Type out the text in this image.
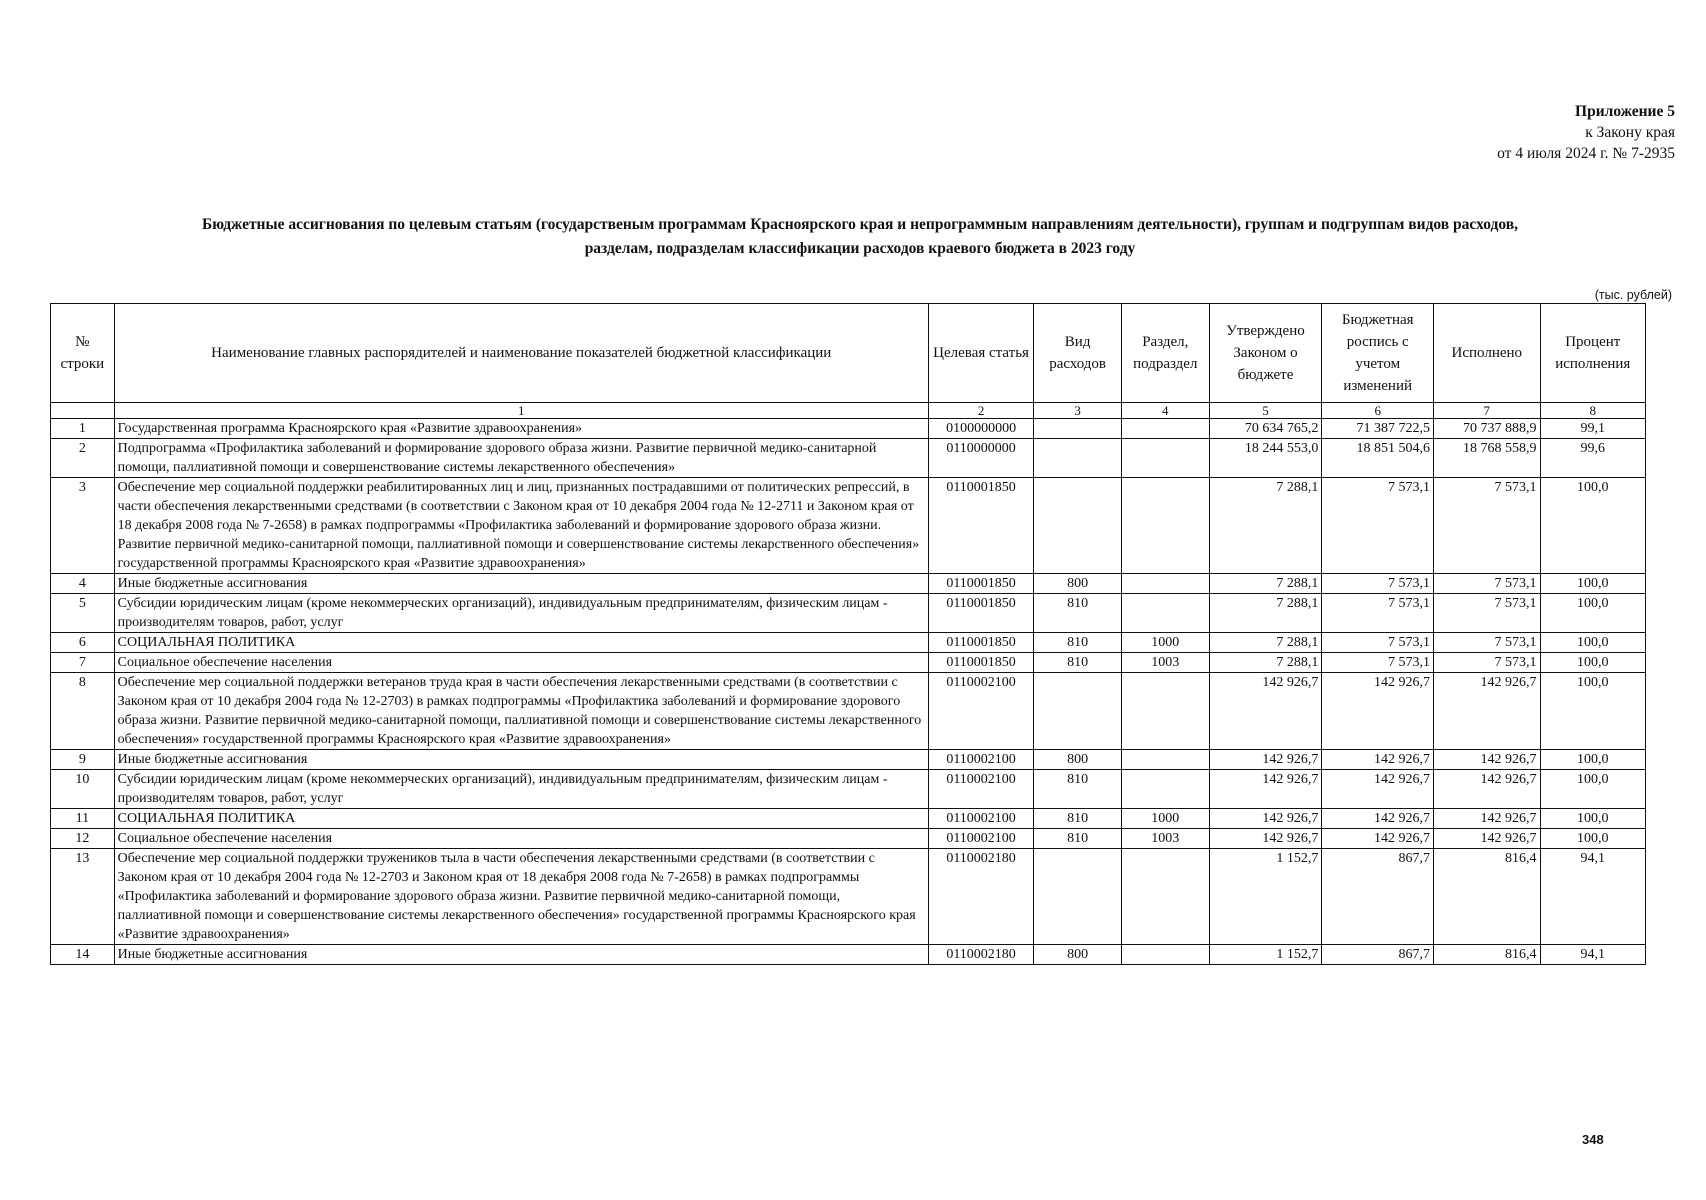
Приложение 5
к Закону края
от 4 июля 2024 г. № 7-2935
Бюджетные ассигнования по целевым статьям (государственым программам Красноярского края и непрограммным направлениям деятельности), группам и подгруппам видов расходов,
разделам, подразделам классификации расходов краевого бюджета в 2023 году
(тыс. рублей)
№ строки	Наименование главных распорядителей и наименование показателей бюджетной классификации	Целевая статья	Вид расходов	Раздел, подраздел	Утверждено Законом о бюджете	Бюджетная роспись с учетом изменений	Исполнено	Процент исполнения
	1	2	3	4	5	6	7	8
1	Государственная программа Красноярского края «Развитие здравоохранения»	0100000000			70 634 765,2	71 387 722,5	70 737 888,9	99,1
2	Подпрограмма «Профилактика заболеваний и формирование здорового образа жизни. Развитие первичной медико-санитарной помощи, паллиативной помощи и совершенствование системы лекарственного обеспечения»	0110000000			18 244 553,0	18 851 504,6	18 768 558,9	99,6
3	Обеспечение мер социальной поддержки реабилитированных лиц и лиц, признанных пострадавшими от политических репрессий, в части обеспечения лекарственными средствами (в соответствии с Законом края от 10 декабря 2004 года № 12-2711 и Законом края от 18 декабря 2008 года № 7-2658) в рамках подпрограммы «Профилактика заболеваний и формирование здорового образа жизни. Развитие первичной медико-санитарной помощи, паллиативной помощи и совершенствование системы лекарственного обеспечения» государственной программы Красноярского края «Развитие здравоохранения»	0110001850			7 288,1	7 573,1	7 573,1	100,0
4	Иные бюджетные ассигнования	0110001850	800		7 288,1	7 573,1	7 573,1	100,0
5	Субсидии юридическим лицам (кроме некоммерческих организаций), индивидуальным предпринимателям, физическим лицам - производителям товаров, работ, услуг	0110001850	810		7 288,1	7 573,1	7 573,1	100,0
6	СОЦИАЛЬНАЯ ПОЛИТИКА	0110001850	810	1000	7 288,1	7 573,1	7 573,1	100,0
7	Социальное обеспечение населения	0110001850	810	1003	7 288,1	7 573,1	7 573,1	100,0
8	Обеспечение мер социальной поддержки ветеранов труда края в части обеспечения лекарственными средствами (в соответствии с Законом края от 10 декабря 2004 года № 12-2703) в рамках подпрограммы «Профилактика заболеваний и формирование здорового образа жизни. Развитие первичной медико-санитарной помощи, паллиативной помощи и совершенствование системы лекарственного обеспечения» государственной программы Красноярского края «Развитие здравоохранения»	0110002100			142 926,7	142 926,7	142 926,7	100,0
9	Иные бюджетные ассигнования	0110002100	800		142 926,7	142 926,7	142 926,7	100,0
10	Субсидии юридическим лицам (кроме некоммерческих организаций), индивидуальным предпринимателям, физическим лицам - производителям товаров, работ, услуг	0110002100	810		142 926,7	142 926,7	142 926,7	100,0
11	СОЦИАЛЬНАЯ ПОЛИТИКА	0110002100	810	1000	142 926,7	142 926,7	142 926,7	100,0
12	Социальное обеспечение населения	0110002100	810	1003	142 926,7	142 926,7	142 926,7	100,0
13	Обеспечение мер социальной поддержки тружеников тыла в части обеспечения лекарственными средствами (в соответствии с Законом края от 10 декабря 2004 года № 12-2703 и Законом края от 18 декабря 2008 года № 7-2658) в рамках подпрограммы «Профилактика заболеваний и формирование здорового образа жизни. Развитие первичной медико-санитарной помощи, паллиативной помощи и совершенствование системы лекарственного обеспечения» государственной программы Красноярского края «Развитие здравоохранения»	0110002180			1 152,7	867,7	816,4	94,1
14	Иные бюджетные ассигнования	0110002180	800		1 152,7	867,7	816,4	94,1
348
